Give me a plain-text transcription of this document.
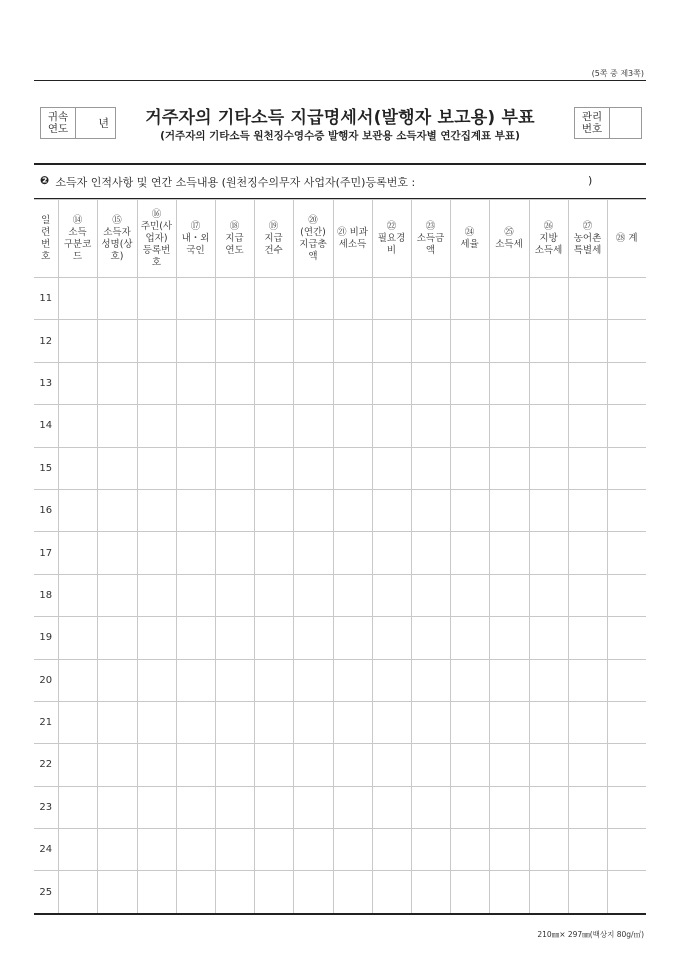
(5쪽 중 제3쪽)
귀속
연도	년	거주자의 기타소득 지급명세서(발행자 보고용) 부표
(거주자의 기타소득 원천징수영수증 발행자 보관용 소득자별 연간집계표 부표)
관리
번호
❷ 소득자 인적사항 및 연간 소득내용 (원천징수의무자 사업자(주민)등록번호 :	)
일
련
번
호	⑭
소득
구분코
드	⑮
소득자
성명(상
호)	⑯
주민(사
업자)
등록번
호	⑰
내・외
국인	⑱
지급
연도	⑲
지급
건수	⑳
(연간)
지급총
액	㉑ 비과
세소득	㉒
필요경
비	㉓
소득금
액	㉔
세율	㉕
소득세	㉖
지방
소득세	㉗
농어촌
특별세	㉘ 계
11															
12															
13															
14															
15															
16															
17															
18															
19															
20															
21															
22															
23															
24															
25															
210㎜× 297㎜(백상지 80g/㎡)
